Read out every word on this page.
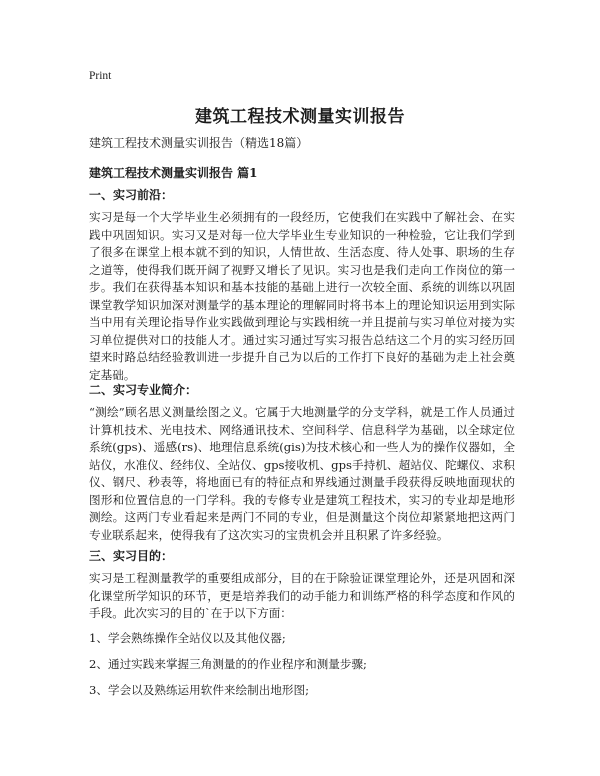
Print
建筑工程技术测量实训报告
建筑工程技术测量实训报告（精选18篇）
建筑工程技术测量实训报告 篇1
一、实习前沿：

实习是每一个大学毕业生必须拥有的一段经历，它使我们在实践中了解社会、在实践中巩固知识。实习又是对每一位大学毕业生专业知识的一种检验，它让我们学到了很多在课堂上根本就不到的知识，人情世故、生活态度、待人处事、职场的生存之道等，使得我们既开阔了视野又增长了见识。实习也是我们走向工作岗位的第一步。我们在获得基本知识和基本技能的基础上进行一次较全面、系统的训练以巩固课堂教学知识加深对测量学的基本理论的理解同时将书本上的理论知识运用到实际当中用有关理论指导作业实践做到理论与实践相统一并且提前与实习单位对接为实习单位提供对口的技能人才。通过实习通过写实习报告总结这二个月的实习经历回望来时路总结经验教训进一步提升自己为以后的工作打下良好的基础为走上社会奠定基础。

二、实习专业简介：

“测绘”顾名思义测量绘图之义。它属于大地测量学的分支学科，就是工作人员通过计算机技术、光电技术、网络通讯技术、空间科学、信息科学为基础，以全球定位系统(gps)、遥感(rs)、地理信息系统(gis)为技术核心和一些人为的操作仪器如，全站仪，水准仪、经纬仪、全站仪、gps接收机、gps手持机、超站仪、陀螺仪、求积仪、钢尺、秒表等，将地面已有的特征点和界线通过测量手段获得反映地面现状的图形和位置信息的一门学科。我的专修专业是建筑工程技术，实习的专业却是地形测绘。这两门专业看起来是两门不同的专业，但是测量这个岗位却紧紧地把这两门专业联系起来，使得我有了这次实习的宝贵机会并且积累了许多经验。

三、实习目的：

实习是工程测量教学的重要组成部分，目的在于除验证课堂理论外，还是巩固和深化课堂所学知识的环节，更是培养我们的动手能力和训练严格的科学态度和作风的手段。此次实习的目的`在于以下方面：

1、学会熟练操作全站仪以及其他仪器;
2、通过实践来掌握三角测量的的作业程序和测量步骤;
3、学会以及熟练运用软件来绘制出地形图;
